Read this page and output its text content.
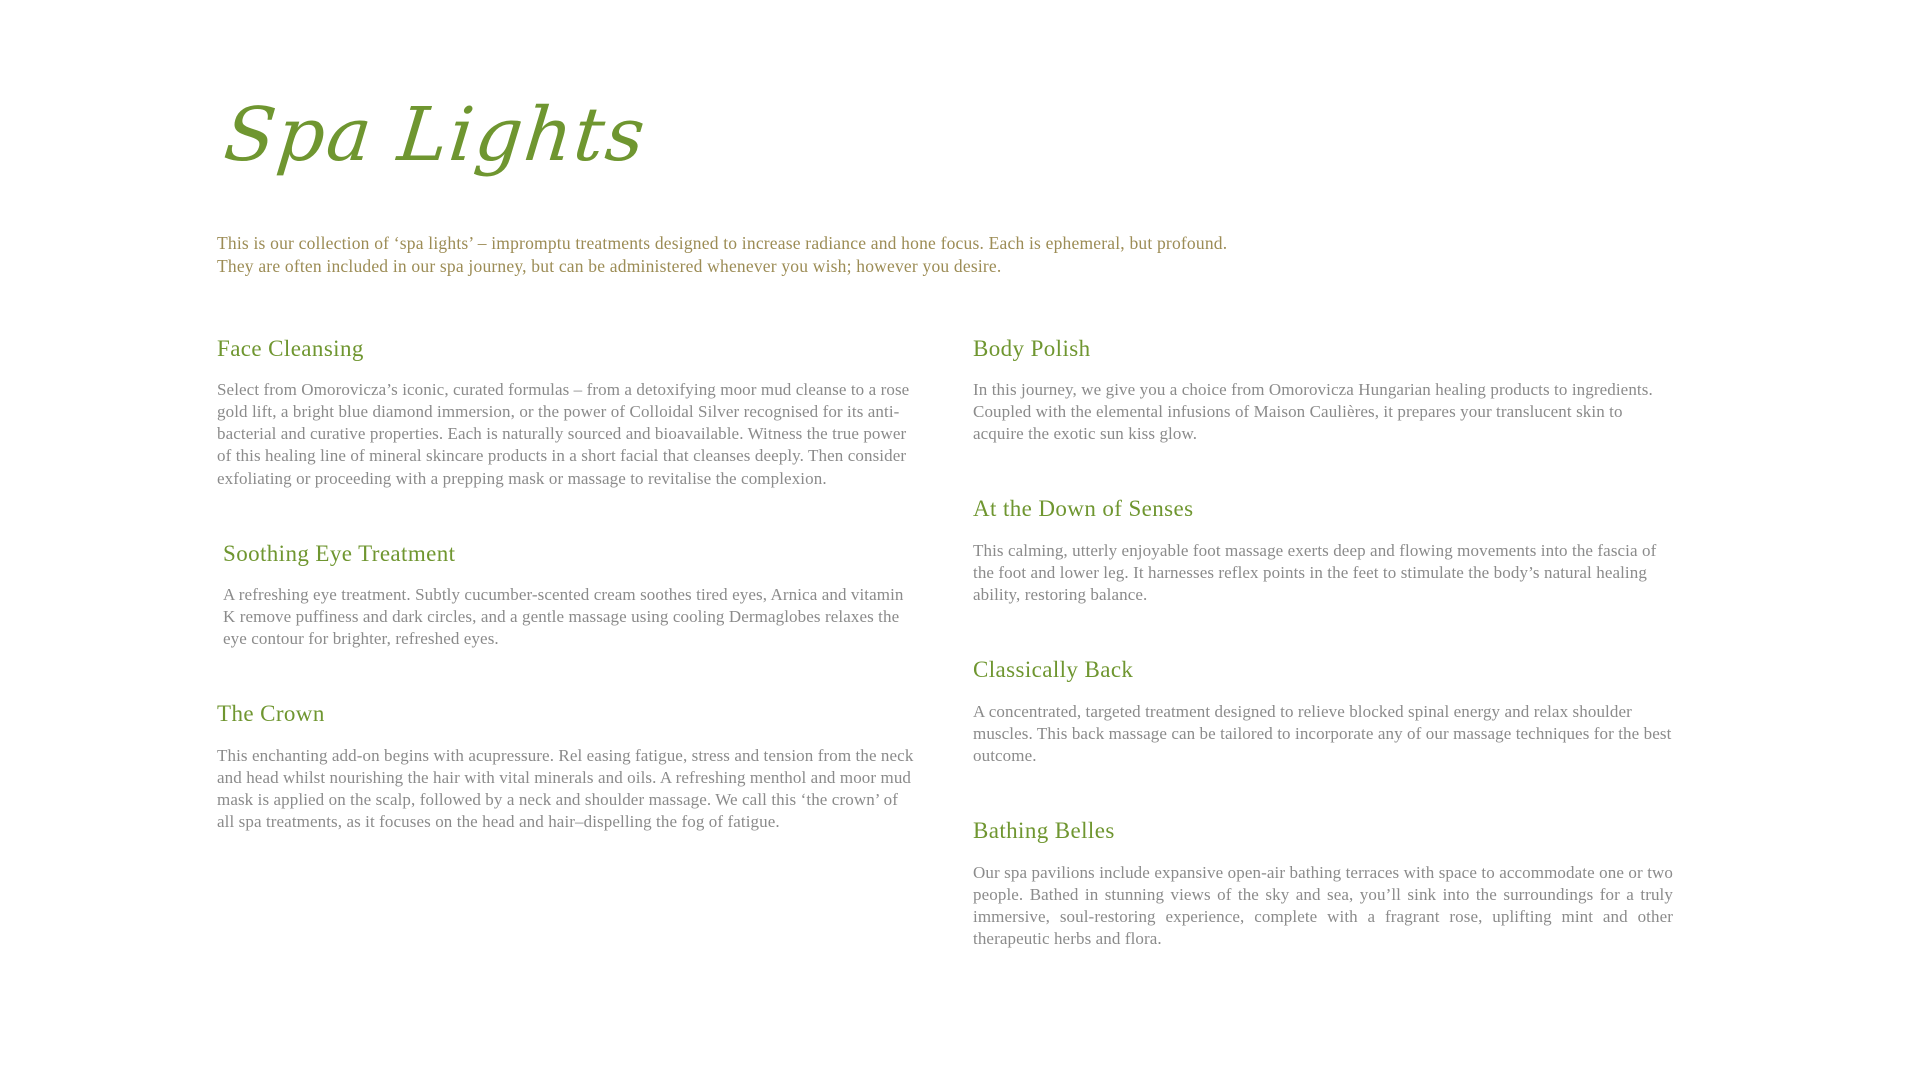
Spa Lights
This is our collection of ‘spa lights’ – impromptu treatments designed to increase radiance and hone focus. Each is ephemeral, but profound.
They are often included in our spa journey, but can be administered whenever you wish; however you desire.
Face Cleansing

Select from Omorovicza’s iconic, curated formulas – from a detoxifying moor mud cleanse to a rose gold lift, a bright blue diamond immersion, or the power of Colloidal Silver recognised for its anti-bacterial and curative properties. Each is naturally sourced and bioavailable. Witness the true power of this healing line of mineral skincare products in a short facial that cleanses deeply. Then consider exfoliating or proceeding with a prepping mask or massage to revitalise the complexion.

Soothing Eye Treatment

A refreshing eye treatment. Subtly cucumber-scented cream soothes tired eyes, Arnica and vitamin K remove puffiness and dark circles, and a gentle massage using cooling Dermaglobes relaxes the eye contour for brighter, refreshed eyes.

The Crown

This enchanting add-on begins with acupressure. Rel easing fatigue, stress and tension from the neck and head whilst nourishing the hair with vital minerals and oils. A refreshing menthol and moor mud mask is applied on the scalp, followed by a neck and shoulder massage. We call this ‘the crown’ of all spa treatments, as it focuses on the head and hair–dispelling the fog of fatigue.

Body Polish

In this journey, we give you a choice from Omorovicza Hungarian healing products to ingredients. Coupled with the elemental infusions of Maison Caulières, it prepares your translucent skin to acquire the exotic sun kiss glow.

At the Down of Senses

This calming, utterly enjoyable foot massage exerts deep and flowing movements into the fascia of the foot and lower leg. It harnesses reflex points in the feet to stimulate the body’s natural healing ability, restoring balance.

Classically Back

A concentrated, targeted treatment designed to relieve blocked spinal energy and relax shoulder muscles. This back massage can be tailored to incorporate any of our massage techniques for the best outcome.

Bathing Belles

Our spa pavilions include expansive open-air bathing terraces with space to accommodate one or two people. Bathed in stunning views of the sky and sea, you’ll sink into the surroundings for a truly immersive, soul-restoring experience, complete with a fragrant rose, uplifting mint and other therapeutic herbs and flora.
